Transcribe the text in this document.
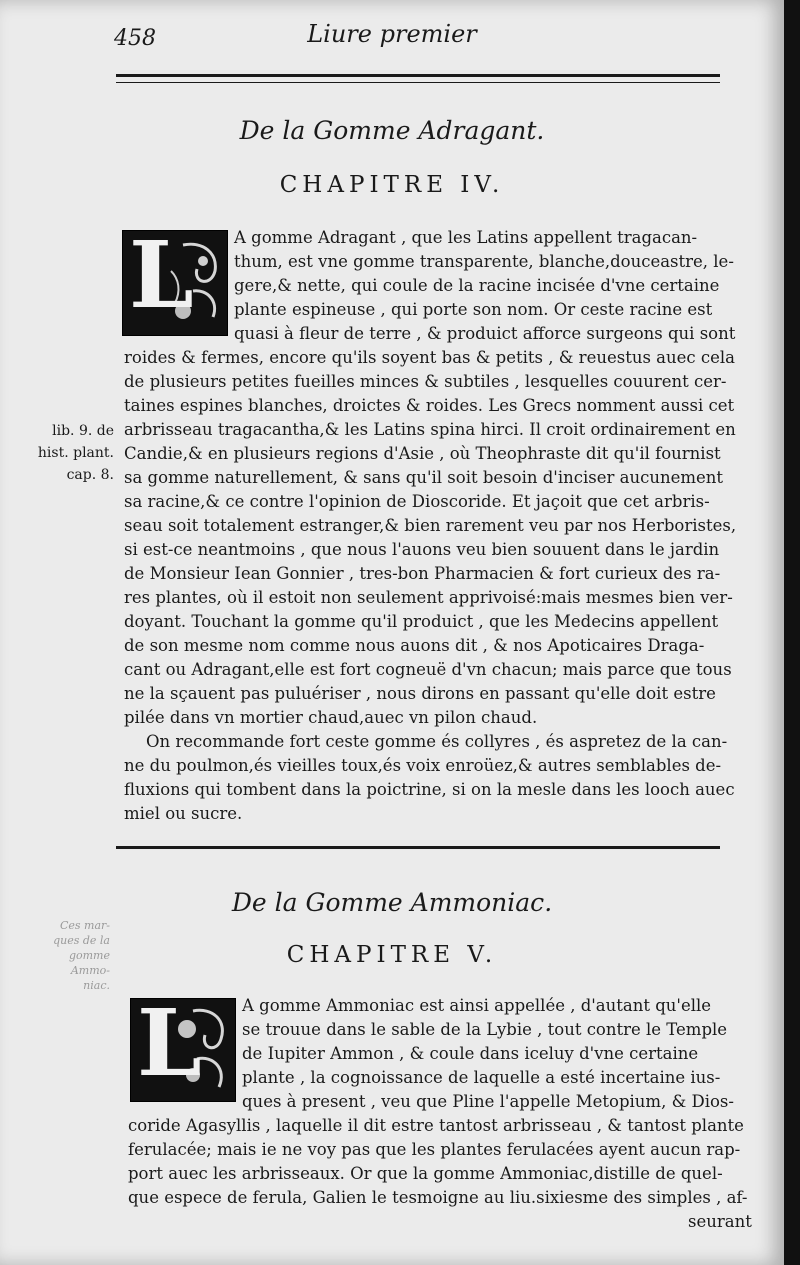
458	Liure premier
De la Gomme Adragant.
CHAPITRE IV.
L A gomme Adragant , que les Latins appellent tragacan-
thum, est vne gomme transparente, blanche,douceastre, le-
gere,& nette, qui coule de la racine incisée d'vne certaine
plante espineuse , qui porte son nom. Or ceste racine est
quasi à fleur de terre , & produict afforce surgeons qui sont
roides & fermes, encore qu'ils soyent bas & petits , & reuestus auec cela
de plusieurs petites fueilles minces & subtiles , lesquelles couurent cer-
taines espines blanches, droictes & roides. Les Grecs nomment aussi cet
arbrisseau tragacantha,& les Latins spina hirci. Il croit ordinairement en
Candie,& en plusieurs regions d'Asie , où Theophraste dit qu'il fournist
sa gomme naturellement, & sans qu'il soit besoin d'inciser aucunement
sa racine,& ce contre l'opinion de Dioscoride. Et jaçoit que cet arbris-
seau soit totalement estranger,& bien rarement veu par nos Herboristes,
si est-ce neantmoins , que nous l'auons veu bien souuent dans le jardin
de Monsieur Iean Gonnier , tres-bon Pharmacien & fort curieux des ra-
res plantes, où il estoit non seulement apprivoisé:mais mesmes bien ver-
doyant. Touchant la gomme qu'il produict , que les Medecins appellent
de son mesme nom comme nous auons dit , & nos Apoticaires Draga-
cant ou Adragant,elle est fort cogneuë d'vn chacun; mais parce que tous
ne la sçauent pas puluériser , nous dirons en passant qu'elle doit estre
pilée dans vn mortier chaud,auec vn pilon chaud.
On recommande fort ceste gomme és collyres , és aspretez de la can-
ne du poulmon,és vieilles toux,és voix enroüez,& autres semblables de-
fluxions qui tombent dans la poictrine, si on la mesle dans les looch auec
miel ou sucre.
lib. 9. de
hist. plant.
cap. 8.
De la Gomme Ammoniac.
CHAPITRE V.
Ces mar-
ques de la
gomme
Ammo-
niac.
L A gomme Ammoniac est ainsi appellée , d'autant qu'elle
se trouue dans le sable de la Lybie , tout contre le Temple
de Iupiter Ammon , & coule dans iceluy d'vne certaine
plante , la cognoissance de laquelle a esté incertaine ius-
ques à present , veu que Pline l'appelle Metopium, & Dios-
coride Agasyllis , laquelle il dit estre tantost arbrisseau , & tantost plante
ferulacée; mais ie ne voy pas que les plantes ferulacées ayent aucun rap-
port auec les arbrisseaux. Or que la gomme Ammoniac,distille de quel-
que espece de ferula, Galien le tesmoigne au liu.sixiesme des simples , af-
seurant
